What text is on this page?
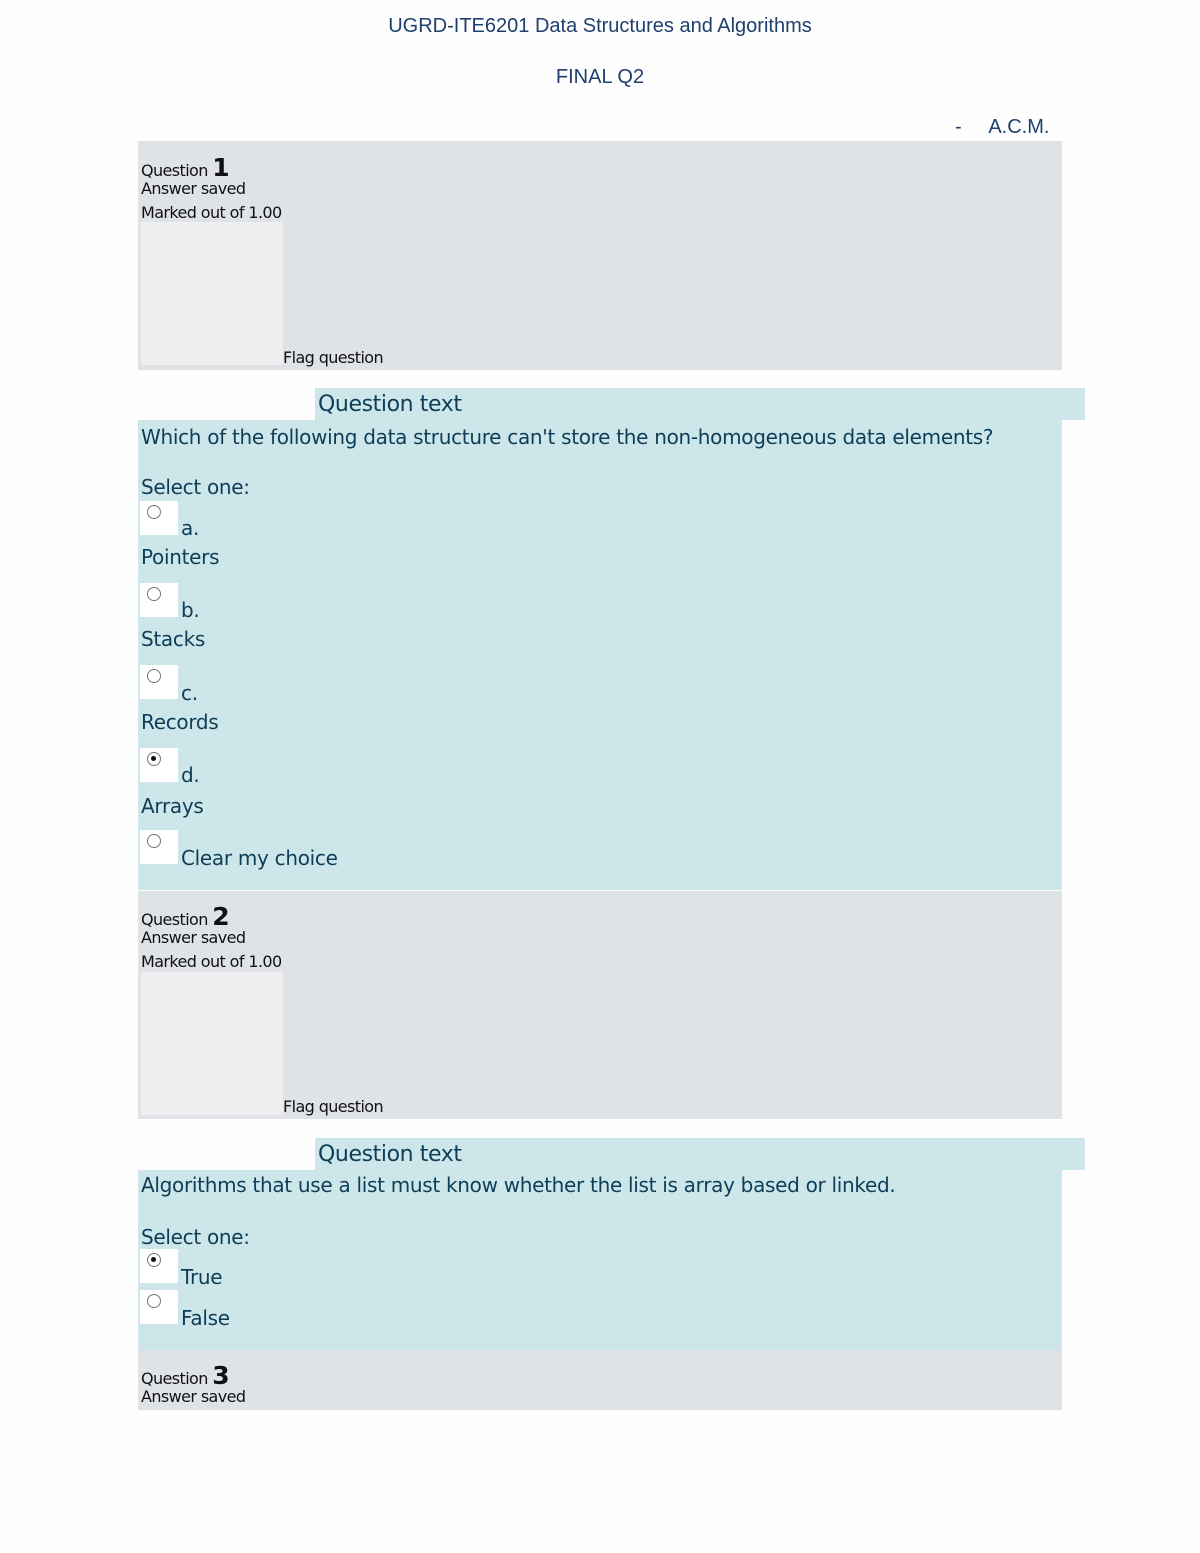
UGRD-ITE6201 Data Structures and Algorithms
FINAL Q2
-     A.C.M.
Question 1
Answer saved
Marked out of 1.00
Flag question
Question text
Which of the following data structure can't store the non-homogeneous data elements?
Select one:
a.
Pointers
b.
Stacks
c.
Records
d.
Arrays
Clear my choice
Question 2
Answer saved
Marked out of 1.00
Flag question
Question text
Algorithms that use a list must know whether the list is array based or linked.
Select one:
True
False
Question 3
Answer saved
